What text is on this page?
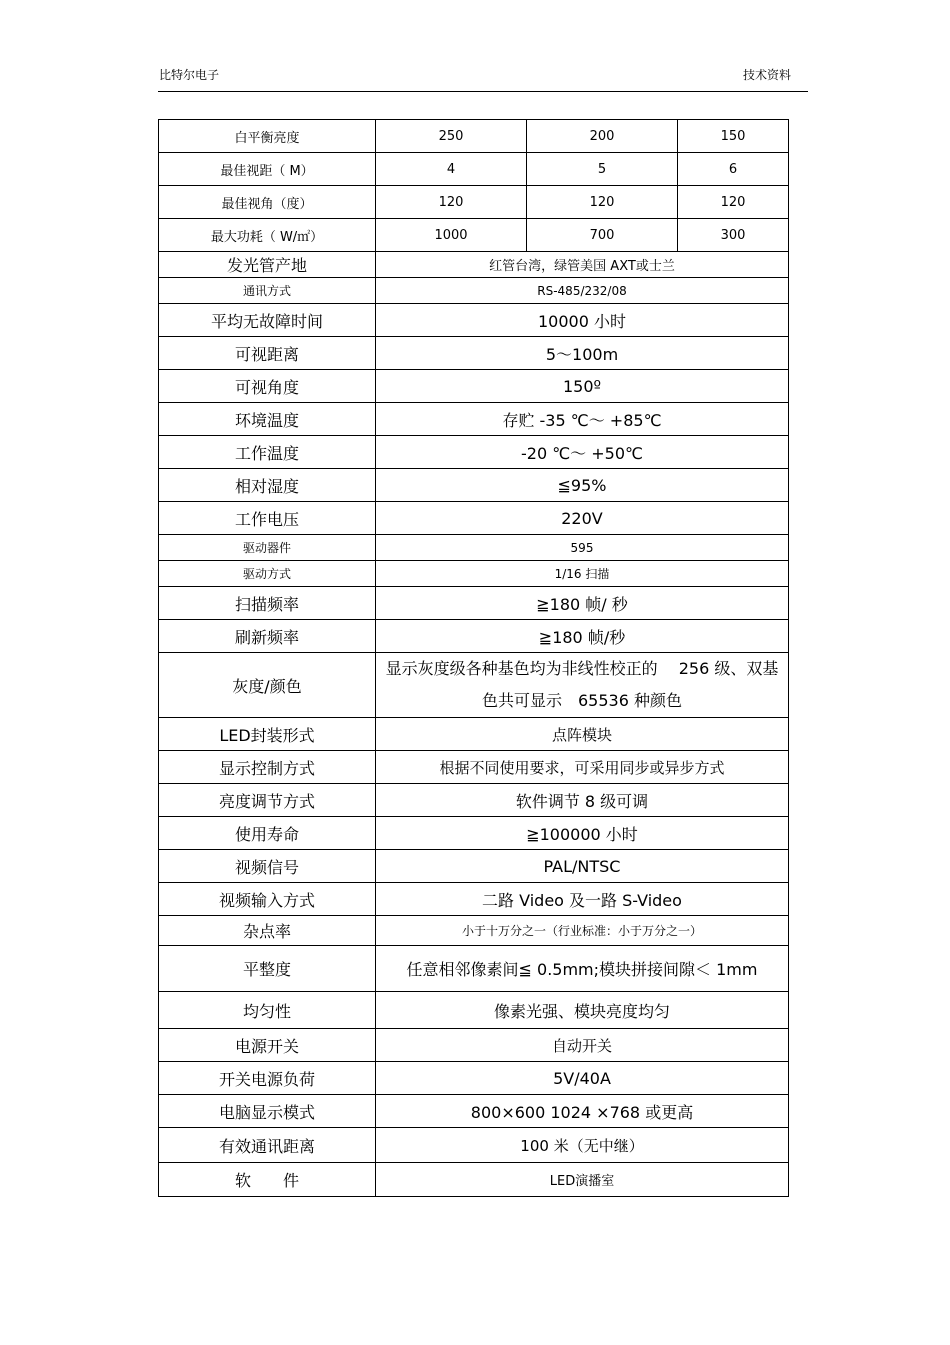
比特尔电子	技术资料
白平衡亮度	250	200	150
最佳视距（ M）	4	5	6
最佳视角（度）	120	120	120
最大功耗（ W/㎡）	1000	700	300
发光管产地	红管台湾，绿管美国 AXT或士兰		
通讯方式	RS-485/232/08		
平均无故障时间	10000 小时		
可视距离	5～100m		
可视角度	150º		
环境温度	存贮 -35 ℃～ +85℃		
工作温度	-20 ℃～ +50℃		
相对湿度	≦95%		
工作电压	220V		
驱动器件	595		
驱动方式	1/16 扫描		
扫描频率	≧180 帧/ 秒		
刷新频率	≧180 帧/秒		
灰度/颜色	显示灰度级各种基色均为非线性校正的　 256 级、双基色共可显示　65536 种颜色		
LED封装形式	点阵模块		
显示控制方式	根据不同使用要求，可采用同步或异步方式		
亮度调节方式	软件调节 8 级可调		
使用寿命	≧100000 小时		
视频信号	PAL/NTSC		
视频输入方式	二路 Video 及一路 S-Video		
杂点率	小于十万分之一（行业标准：小于万分之一）		
平整度	任意相邻像素间≦ 0.5mm;模块拼接间隙＜ 1mm		
均匀性	像素光强、模块亮度均匀		
电源开关	自动开关		
开关电源负荷	5V/40A		
电脑显示模式	800×600 1024 ×768 或更高		
有效通讯距离	100 米（无中继）		
软　　件	LED演播室		
